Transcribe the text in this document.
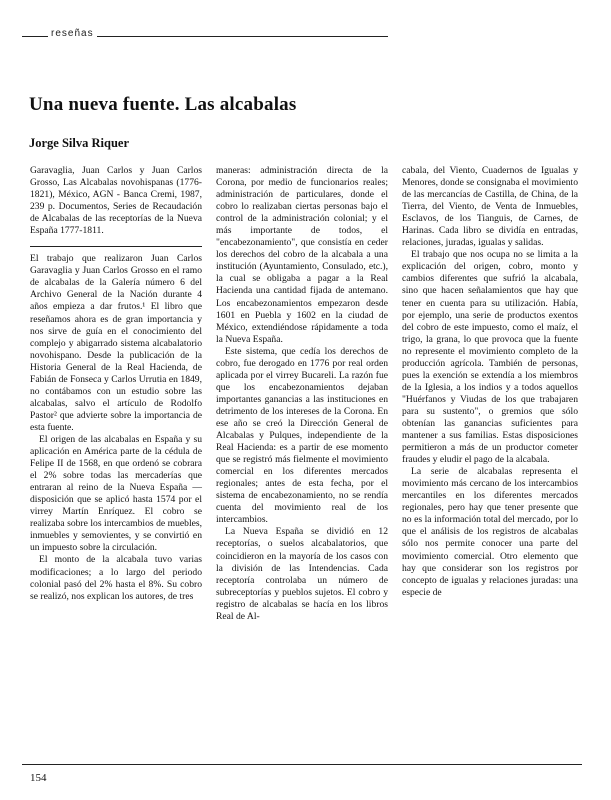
reseñas
Una nueva fuente. Las alcabalas
Jorge Silva Riquer

Garavaglia, Juan Carlos y Juan Carlos Grosso, Las Alcabalas novohispanas (1776-1821), México, AGN - Banca Cremi, 1987, 239 p. Documentos, Series de Recaudación de Alcabalas de las receptorías de la Nueva España 1777-1811.

El trabajo que realizaron Juan Carlos Garavaglia y Juan Carlos Grosso en el ramo de alcabalas de la Galería número 6 del Archivo General de la Nación durante 4 años empieza a dar frutos.¹ El libro que reseñamos ahora es de gran importancia y nos sirve de guía en el conocimiento del complejo y abigarrado sistema alcabalatorio novohispano. Desde la publicación de la Historia General de la Real Hacienda, de Fabián de Fonseca y Carlos Urrutia en 1849, no contábamos con un estudio sobre las alcabalas, salvo el artículo de Rodolfo Pastor² que advierte sobre la importancia de esta fuente.

El origen de las alcabalas en España y su aplicación en América parte de la cédula de Felipe II de 1568, en que ordenó se cobrara el 2% sobre todas las mercaderías que entraran al reino de la Nueva España —disposición que se aplicó hasta 1574 por el virrey Martín Enríquez. El cobro se realizaba sobre los intercambios de muebles, inmuebles y semovientes, y se convirtió en un impuesto sobre la circulación.

El monto de la alcabala tuvo varias modificaciones; a lo largo del periodo colonial pasó del 2% hasta el 8%. Su cobro se realizó, nos explican los autores, de tres

maneras: administración directa de la Corona, por medio de funcionarios reales; administración de particulares, donde el cobro lo realizaban ciertas personas bajo el control de la administración colonial; y el más importante de todos, el "encabezonamiento", que consistía en ceder los derechos del cobro de la alcabala a una institución (Ayuntamiento, Consulado, etc.), la cual se obligaba a pagar a la Real Hacienda una cantidad fijada de antemano. Los encabezonamientos empezaron desde 1601 en Puebla y 1602 en la ciudad de México, extendiéndose rápidamente a toda la Nueva España.

Este sistema, que cedía los derechos de cobro, fue derogado en 1776 por real orden aplicada por el virrey Bucareli. La razón fue que los encabezonamientos dejaban importantes ganancias a las instituciones en detrimento de los intereses de la Corona. En ese año se creó la Dirección General de Alcabalas y Pulques, independiente de la Real Hacienda: es a partir de ese momento que se registró más fielmente el movimiento comercial en los diferentes mercados regionales; antes de esta fecha, por el sistema de encabezonamiento, no se rendía cuenta del movimiento real de los intercambios.

La Nueva España se dividió en 12 receptorías, o suelos alcabalatorios, que coincidieron en la mayoría de los casos con la división de las Intendencias. Cada receptoría controlaba un número de subreceptorías y pueblos sujetos. El cobro y registro de alcabalas se hacía en los libros Real de Al-

cabala, del Viento, Cuadernos de Igualas y Menores, donde se consignaba el movimiento de las mercancías de Castilla, de China, de la Tierra, del Viento, de Venta de Inmuebles, Esclavos, de los Tianguis, de Carnes, de Harinas. Cada libro se dividía en entradas, relaciones, juradas, igualas y salidas.

El trabajo que nos ocupa no se limita a la explicación del origen, cobro, monto y cambios diferentes que sufrió la alcabala, sino que hacen señalamientos que hay que tener en cuenta para su utilización. Había, por ejemplo, una serie de productos exentos del cobro de este impuesto, como el maíz, el trigo, la grana, lo que provoca que la fuente no represente el movimiento completo de la producción agrícola. También de personas, pues la exención se extendía a los miembros de la Iglesia, a los indios y a todos aquellos "Huérfanos y Viudas de los que trabajaren para su sustento", o gremios que sólo obtenían las ganancias suficientes para mantener a sus familias. Estas disposiciones permitieron a más de un productor cometer fraudes y eludir el pago de la alcabala.

La serie de alcabalas representa el movimiento más cercano de los intercambios mercantiles en los diferentes mercados regionales, pero hay que tener presente que no es la información total del mercado, por lo que el análisis de los registros de alcabalas sólo nos permite conocer una parte del movimiento comercial. Otro elemento que hay que considerar son los registros por concepto de igualas y relaciones juradas: una especie de

154
